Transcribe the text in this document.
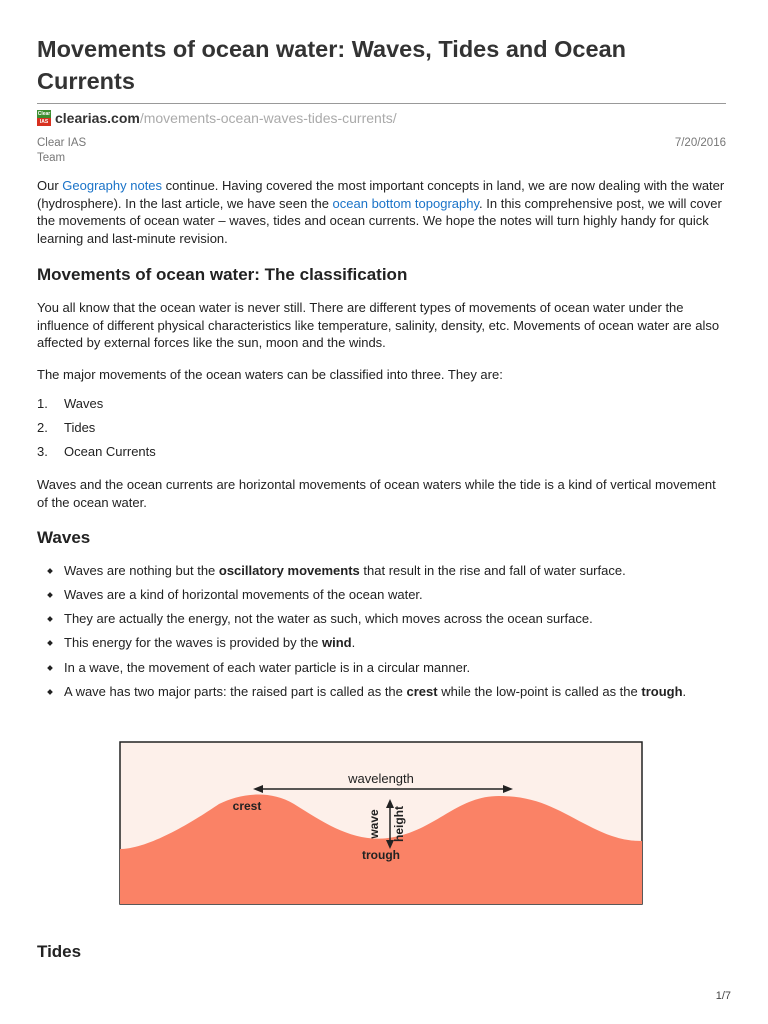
Movements of ocean water: Waves, Tides and Ocean Currents
Clear
IAS clearias.com /movements-ocean-waves-tides-currents/
Clear IAS
Team
7/20/2016

Our Geography notes continue. Having covered the most important concepts in land, we are now dealing with the water (hydrosphere). In the last article, we have seen the ocean bottom topography. In this comprehensive post, we will cover the movements of ocean water – waves, tides and ocean currents. We hope the notes will turn highly handy for quick learning and last-minute revision.

Movements of ocean water: The classification

You all know that the ocean water is never still. There are different types of movements of ocean water under the influence of different physical characteristics like temperature, salinity, density, etc. Movements of ocean water are also affected by external forces like the sun, moon and the winds.

The major movements of the ocean waters can be classified into three. They are:

1. Waves
2. Tides
3. Ocean Currents

Waves and the ocean currents are horizontal movements of ocean waters while the tide is a kind of vertical movement of the ocean water.

Waves
Waves are nothing but the oscillatory movements that result in the rise and fall of water surface.
Waves are a kind of horizontal movements of the ocean water.
They are actually the energy, not the water as such, which moves across the ocean surface.
This energy for the waves is provided by the wind.
In a wave, the movement of each water particle is in a circular manner.
A wave has two major parts: the raised part is called as the crest while the low-point is called as the trough.
wavelength
crest
trough
wave height
Tides
1/7
